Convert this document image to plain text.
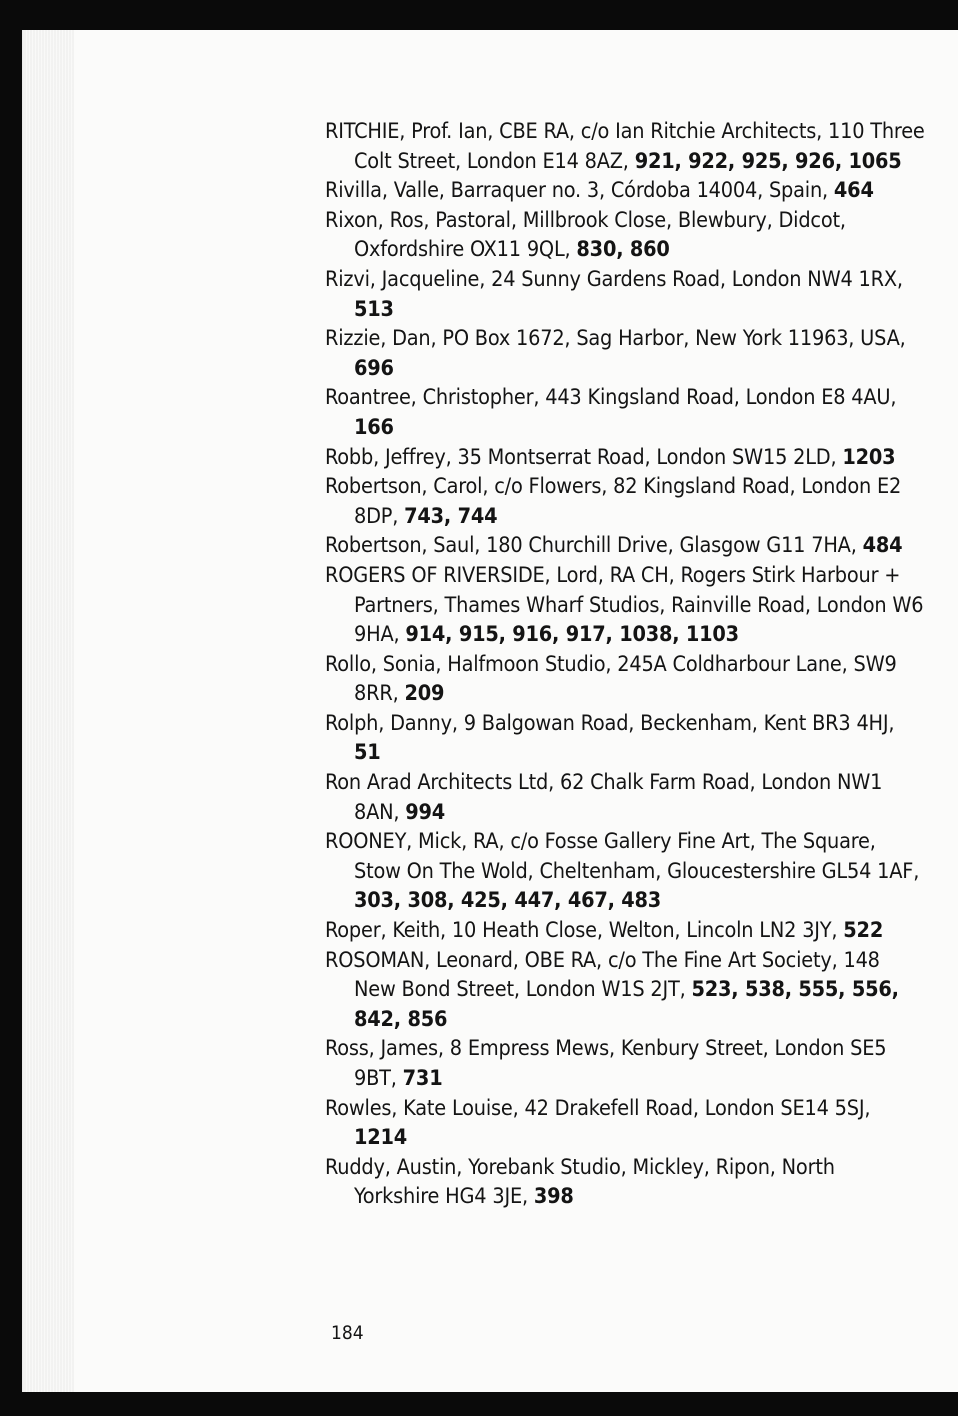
RITCHIE, Prof. Ian, CBE RA, c/o Ian Ritchie Architects, 110 Three Colt Street, London E14 8AZ, 921, 922, 925, 926, 1065

Rivilla, Valle, Barraquer no. 3, Córdoba 14004, Spain, 464

Rixon, Ros, Pastoral, Millbrook Close, Blewbury, Didcot, Oxfordshire OX11 9QL, 830, 860

Rizvi, Jacqueline, 24 Sunny Gardens Road, London NW4 1RX, 513

Rizzie, Dan, PO Box 1672, Sag Harbor, New York 11963, USA, 696

Roantree, Christopher, 443 Kingsland Road, London E8 4AU, 166

Robb, Jeffrey, 35 Montserrat Road, London SW15 2LD, 1203

Robertson, Carol, c/o Flowers, 82 Kingsland Road, London E2 8DP, 743, 744

Robertson, Saul, 180 Churchill Drive, Glasgow G11 7HA, 484

ROGERS OF RIVERSIDE, Lord, RA CH, Rogers Stirk Harbour + Partners, Thames Wharf Studios, Rainville Road, London W6 9HA, 914, 915, 916, 917, 1038, 1103

Rollo, Sonia, Halfmoon Studio, 245A Coldharbour Lane, SW9 8RR, 209

Rolph, Danny, 9 Balgowan Road, Beckenham, Kent BR3 4HJ, 51

Ron Arad Architects Ltd, 62 Chalk Farm Road, London NW1 8AN, 994

ROONEY, Mick, RA, c/o Fosse Gallery Fine Art, The Square, Stow On The Wold, Cheltenham, Gloucestershire GL54 1AF, 303, 308, 425, 447, 467, 483

Roper, Keith, 10 Heath Close, Welton, Lincoln LN2 3JY, 522

ROSOMAN, Leonard, OBE RA, c/o The Fine Art Society, 148 New Bond Street, London W1S 2JT, 523, 538, 555, 556, 842, 856

Ross, James, 8 Empress Mews, Kenbury Street, London SE5 9BT, 731

Rowles, Kate Louise, 42 Drakefell Road, London SE14 5SJ, 1214

Ruddy, Austin, Yorebank Studio, Mickley, Ripon, North Yorkshire HG4 3JE, 398

184
